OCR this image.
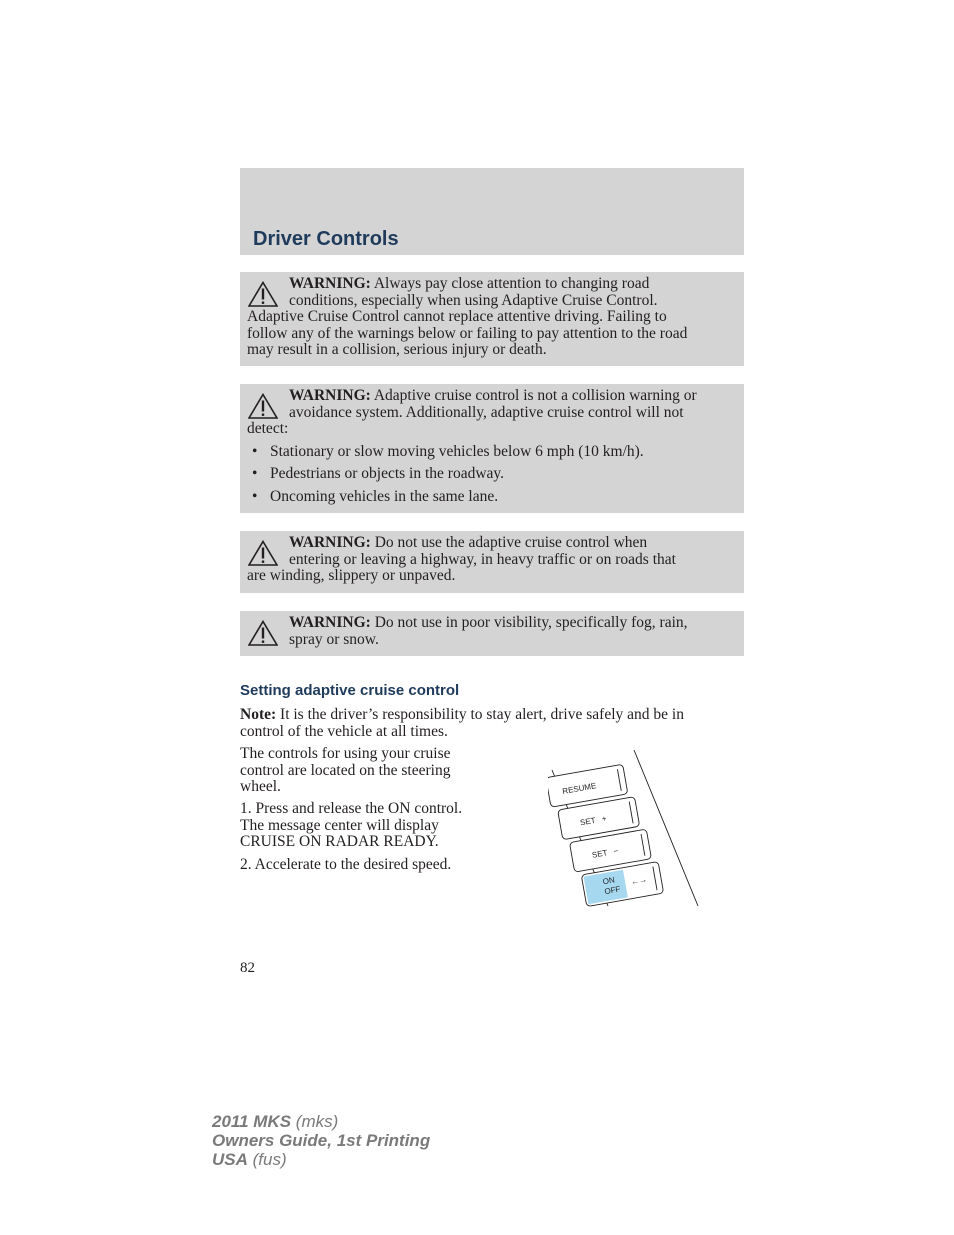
Driver Controls

WARNING: Always pay close attention to changing road
conditions, especially when using Adaptive Cruise Control.
Adaptive Cruise Control cannot replace attentive driving. Failing to
follow any of the warnings below or failing to pay attention to the road
may result in a collision, serious injury or death.

WARNING: Adaptive cruise control is not a collision warning or
avoidance system. Additionally, adaptive cruise control will not
detect:

• Stationary or slow moving vehicles below 6 mph (10 km/h).
• Pedestrians or objects in the roadway.
• Oncoming vehicles in the same lane.

WARNING: Do not use the adaptive cruise control when
entering or leaving a highway, in heavy traffic or on roads that
are winding, slippery or unpaved.

WARNING: Do not use in poor visibility, specifically fog, rain,
spray or snow.

Setting adaptive cruise control

Note: It is the driver’s responsibility to stay alert, drive safely and be in
control of the vehicle at all times.

The controls for using your cruise
control are located on the steering
wheel.

1. Press and release the ON control.
The message center will display
CRUISE ON RADAR READY.

2. Accelerate to the desired speed.

RESUME
SET +
SET −
ON
OFF
←→
82
2011 MKS (mks)
Owners Guide, 1st Printing
USA (fus)
